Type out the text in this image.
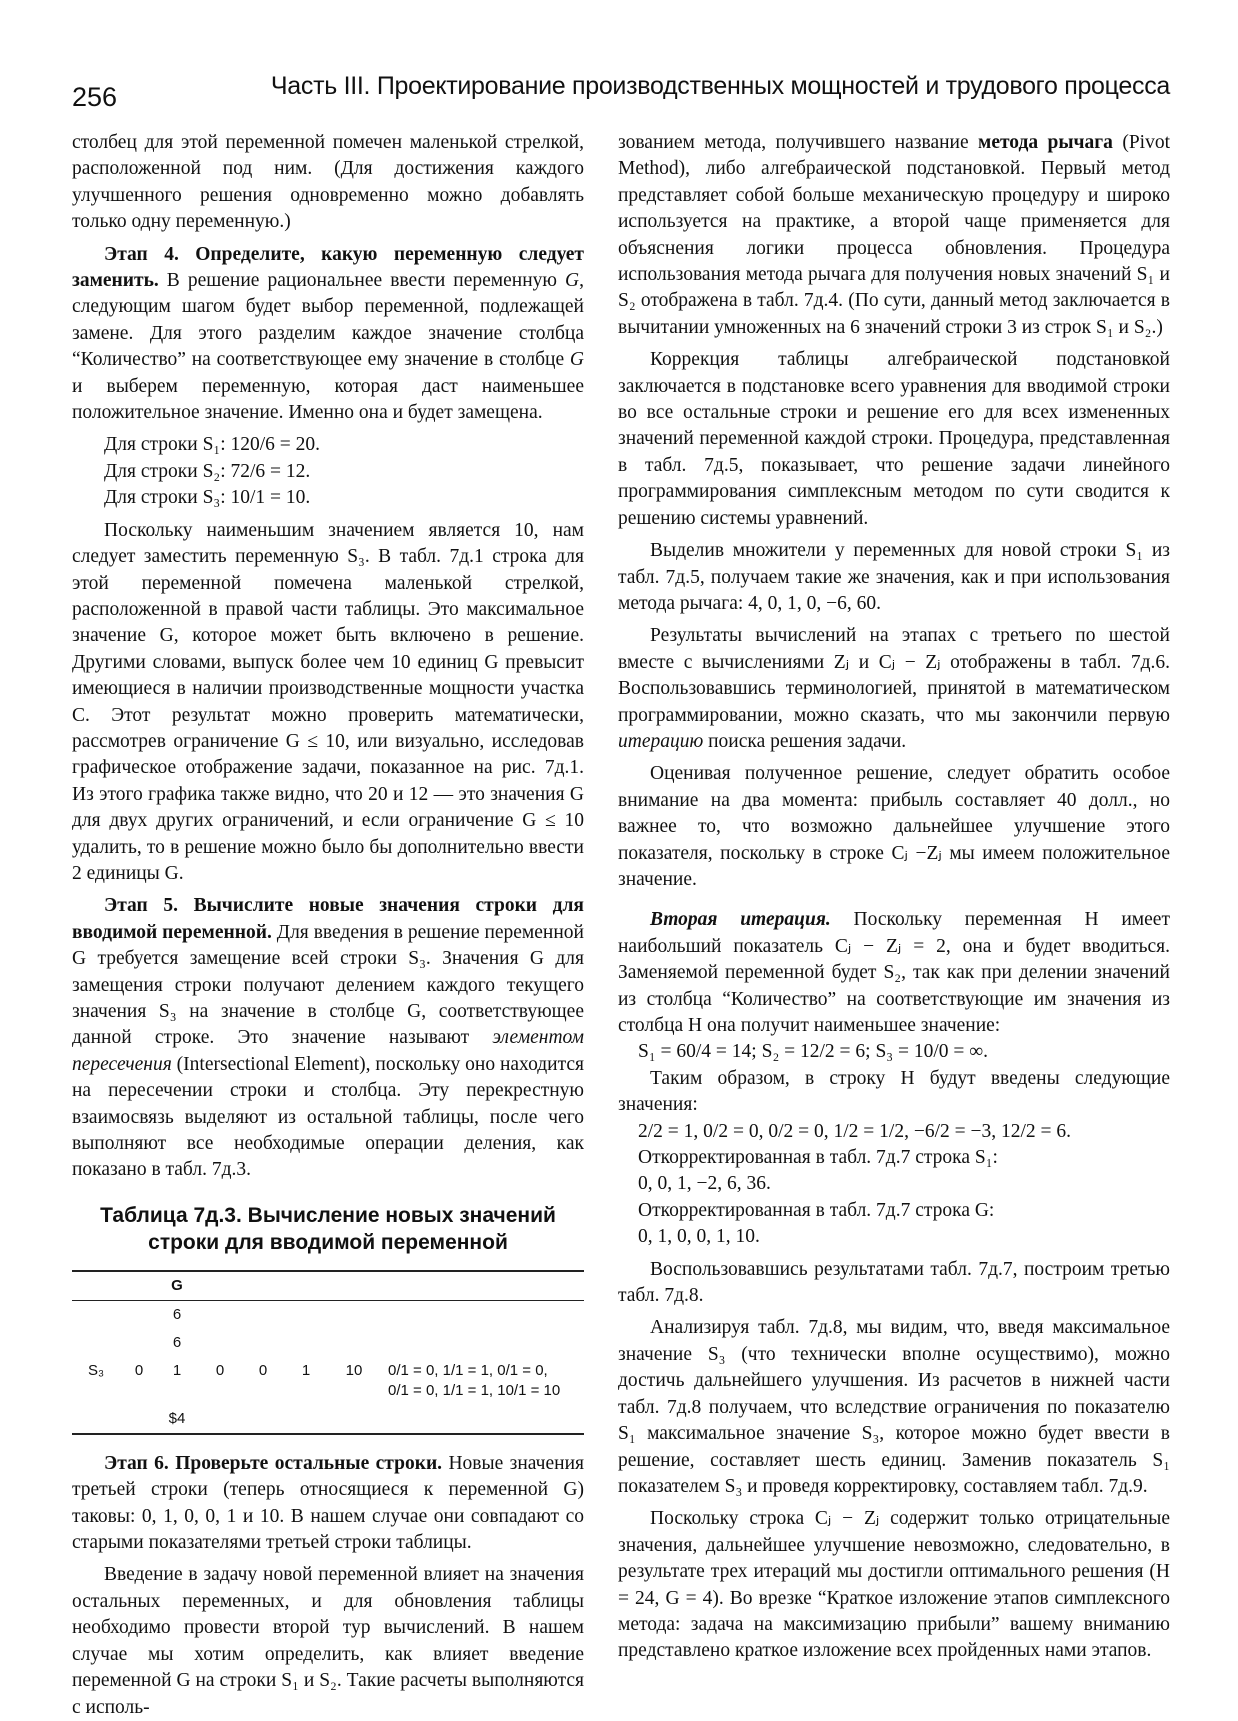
256	Часть III. Проектирование производственных мощностей и трудового процесса

столбец для этой переменной помечен маленькой стрелкой, расположенной под ним. (Для достижения каждого улучшенного решения одновременно можно добавлять только одну переменную.)

Этап 4. Определите, какую переменную следует заменить. В решение рациональнее ввести переменную G, следующим шагом будет выбор переменной, подлежащей замене. Для этого разделим каждое значение столбца “Количество” на соответствующее ему значение в столбце G и выберем переменную, которая даст наименьшее положительное значение. Именно она и будет замещена.

Для строки S₁: 120/6 = 20.

Для строки S₂: 72/6 = 12.

Для строки S₃: 10/1 = 10.

Поскольку наименьшим значением является 10, нам следует заместить переменную S₃. В табл. 7д.1 строка для этой переменной помечена маленькой стрелкой, расположенной в правой части таблицы. Это максимальное значение G, которое может быть включено в решение. Другими словами, выпуск более чем 10 единиц G превысит имеющиеся в наличии производственные мощности участка C. Этот результат можно проверить математически, рассмотрев ограничение G ≤ 10, или визуально, исследовав графическое отображение задачи, показанное на рис. 7д.1. Из этого графика также видно, что 20 и 12 — это значения G для двух других ограничений, и если ограничение G ≤ 10 удалить, то в решение можно было бы дополнительно ввести 2 единицы G.

Этап 5. Вычислите новые значения строки для вводимой переменной. Для введения в решение переменной G требуется замещение всей строки S₃. Значения G для замещения строки получают делением каждого текущего значения S₃ на значение в столбце G, соответствующее данной строке. Это значение называют элементом пересечения (Intersectional Element), поскольку оно находится на пересечении строки и столбца. Эту перекрестную взаимосвязь выделяют из остальной таблицы, после чего выполняют все необходимые операции деления, как показано в табл. 7д.3.

Таблица 7д.3. Вычисление новых значений строки для вводимой переменной
		G					

		6					
		6					
S₃	0	1	0	0	1	10	0/1 = 0, 1/1 = 1, 0/1 = 0,
0/1 = 0, 1/1 = 1, 10/1 = 10

		$4					

Этап 6. Проверьте остальные строки. Новые значения третьей строки (теперь относящиеся к переменной G) таковы: 0, 1, 0, 0, 1 и 10. В нашем случае они совпадают со старыми показателями третьей строки таблицы.

Введение в задачу новой переменной влияет на значения остальных переменных, и для обновления таблицы необходимо провести второй тур вычислений. В нашем случае мы хотим определить, как влияет введение переменной G на строки S₁ и S₂. Такие расчеты выполняются с исполь-

зованием метода, получившего название метода рычага (Pivot Method), либо алгебраической подстановкой. Первый метод представляет собой больше механическую процедуру и широко используется на практике, а второй чаще применяется для объяснения логики процесса обновления. Процедура использования метода рычага для получения новых значений S₁ и S₂ отображена в табл. 7д.4. (По сути, данный метод заключается в вычитании умноженных на 6 значений строки 3 из строк S₁ и S₂.)

Коррекция таблицы алгебраической подстановкой заключается в подстановке всего уравнения для вводимой строки во все остальные строки и решение его для всех измененных значений переменной каждой строки. Процедура, представленная в табл. 7д.5, показывает, что решение задачи линейного программирования симплексным методом по сути сводится к решению системы уравнений.

Выделив множители у переменных для новой строки S₁ из табл. 7д.5, получаем такие же значения, как и при использования метода рычага: 4, 0, 1, 0, −6, 60.

Результаты вычислений на этапах с третьего по шестой вместе с вычислениями Zⱼ и Cⱼ − Zⱼ отображены в табл. 7д.6. Воспользовавшись терминологией, принятой в математическом программировании, можно сказать, что мы закончили первую итерацию поиска решения задачи.

Оценивая полученное решение, следует обратить особое внимание на два момента: прибыль составляет 40 долл., но важнее то, что возможно дальнейшее улучшение этого показателя, поскольку в строке Cⱼ −Zⱼ мы имеем положительное значение.

Вторая итерация. Поскольку переменная H имеет наибольший показатель Cⱼ − Zⱼ = 2, она и будет вводиться. Заменяемой переменной будет S₂, так как при делении значений из столбца “Количество” на соответствующие им значения из столбца H она получит наименьшее значение:

S₁ = 60/4 = 14; S₂ = 12/2 = 6; S₃ = 10/0 = ∞.

Таким образом, в строку H будут введены следующие значения:

2/2 = 1, 0/2 = 0, 0/2 = 0, 1/2 = 1/2, −6/2 = −3, 12/2 = 6.

Откорректированная в табл. 7д.7 строка S₁:

0, 0, 1, −2, 6, 36.

Откорректированная в табл. 7д.7 строка G:

0, 1, 0, 0, 1, 10.

Воспользовавшись результатами табл. 7д.7, построим третью табл. 7д.8.

Анализируя табл. 7д.8, мы видим, что, введя максимальное значение S₃ (что технически вполне осуществимо), можно достичь дальнейшего улучшения. Из расчетов в нижней части табл. 7д.8 получаем, что вследствие ограничения по показателю S₁ максимальное значение S₃, которое можно будет ввести в решение, составляет шесть единиц. Заменив показатель S₁ показателем S₃ и проведя корректировку, составляем табл. 7д.9.

Поскольку строка Cⱼ − Zⱼ содержит только отрицательные значения, дальнейшее улучшение невозможно, следовательно, в результате трех итераций мы достигли оптимального решения (H = 24, G = 4). Во врезке “Краткое изложение этапов симплексного метода: задача на максимизацию прибыли” вашему вниманию представлено краткое изложение всех пройденных нами этапов.
